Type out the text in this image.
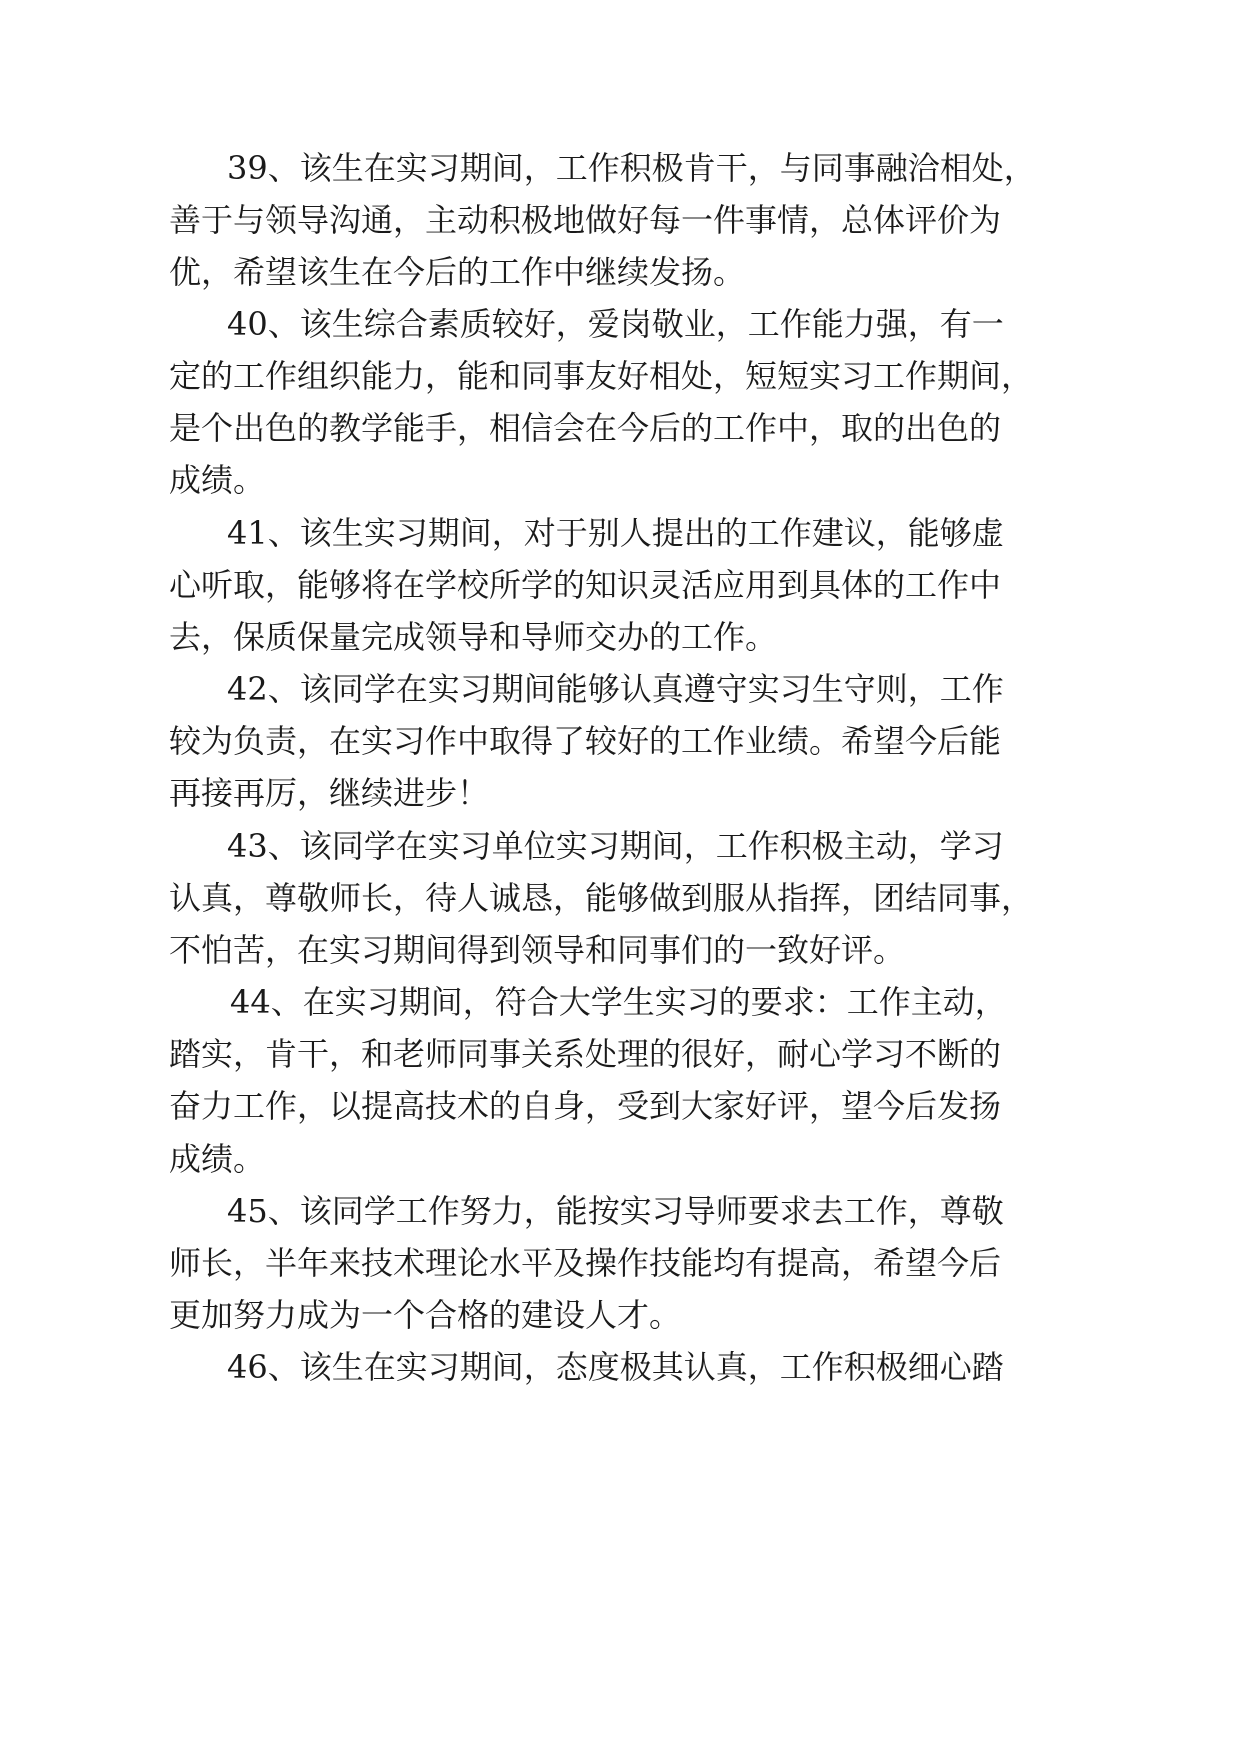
39、该生在实习期间，工作积极肯干，与同事融洽相处，
善于与领导沟通，主动积极地做好每一件事情，总体评价为
优，希望该生在今后的工作中继续发扬。
40、该生综合素质较好，爱岗敬业，工作能力强，有一
定的工作组织能力，能和同事友好相处，短短实习工作期间，
是个出色的教学能手，相信会在今后的工作中，取的出色的
成绩。
41、该生实习期间，对于别人提出的工作建议，能够虚
心听取，能够将在学校所学的知识灵活应用到具体的工作中
去，保质保量完成领导和导师交办的工作。
42、该同学在实习期间能够认真遵守实习生守则，工作
较为负责，在实习作中取得了较好的工作业绩。希望今后能
再接再厉，继续进步！
43、该同学在实习单位实习期间，工作积极主动，学习
认真，尊敬师长，待人诚恳，能够做到服从指挥，团结同事，
不怕苦，在实习期间得到领导和同事们的一致好评。
44、在实习期间，符合大学生实习的要求：工作主动，
踏实，肯干，和老师同事关系处理的很好，耐心学习不断的
奋力工作，以提高技术的自身，受到大家好评，望今后发扬
成绩。
45、该同学工作努力，能按实习导师要求去工作，尊敬
师长，半年来技术理论水平及操作技能均有提高，希望今后
更加努力成为一个合格的建设人才。
46、该生在实习期间，态度极其认真，工作积极细心踏
